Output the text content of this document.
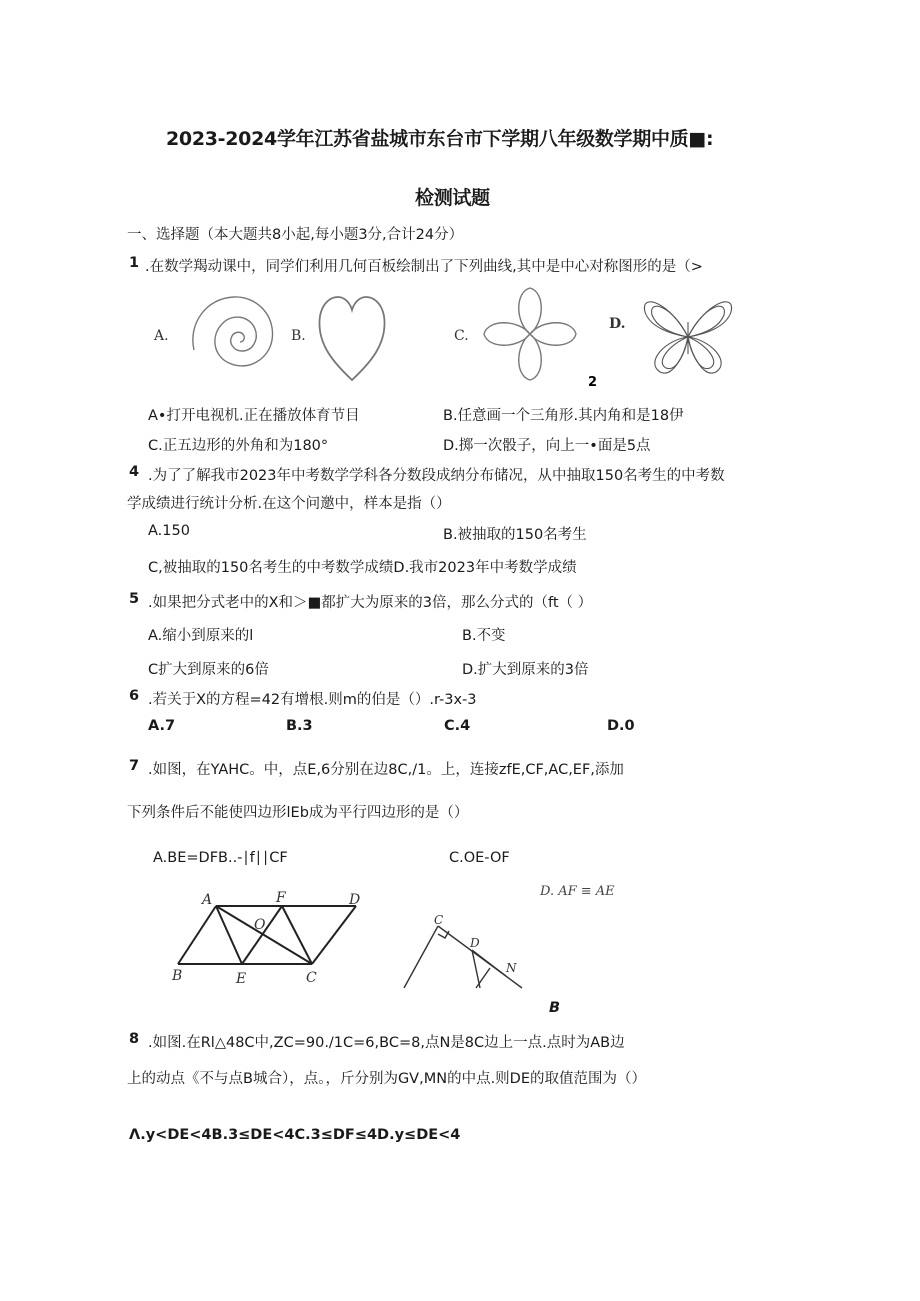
2023-2024学年江苏省盐城市东台市下学期八年级数学期中质■:
检测试题
一、选择题（本大题共8小起,每小题3分,合计24分）
1 .在数学羯动课中，同学们利用几何百板绘制出了下列曲线,其中是中心对称图形的是（>
A.	B.	C.
D.
2
A•打开电视机.正在播放体育节目	B.任意画一个三角形.其内角和是18伊
C.正五边形的外角和为180°	D.掷一次骰子，向上一•面是5点
4 .为了了解我市2023年中考数学学科各分数段成纳分布储况，从中抽取150名考生的中考数
学成绩进行统计分析.在这个问邀中，样本是指（）
A.150	B.被抽取的150名考生
C,被抽取的150名考生的中考数学成绩D.我市2023年中考数学成绩
5 .如果把分式老中的X和＞■都扩大为原来的3倍，那么分式的（ft（ ）
A.缩小到原来的l	B.不变
C扩大到原来的6倍	D.扩大到原来的3倍
6 .若关于X的方程=42有增根.则m的伯是（）.r-3x-3
A.7	B.3	C.4	D.0
7 .如图，在YAHC。中，点E,6分别在边8C,/1。上，连接zfE,CF,AC,EF,添加
下列条件后不能使四边形lEb成为平行四边形的是（）
A.BE=DFB..-∣f∣∣CF	C.OE-OF
D. AF ≡ AE
A	F	D
O
B	E	C
C
D
N
B
8 .如图.在Rl△48C中,ZC=90./1C=6,BC=8,点N是8C边上一点.点时为AB边
上的动点《不与点B城合），点。，斤分别为GV,MN的中点.则DE的取值范围为（）
Λ.y<DE<4B.3≤DE<4C.3≤DF≤4D.y≤DE<4
